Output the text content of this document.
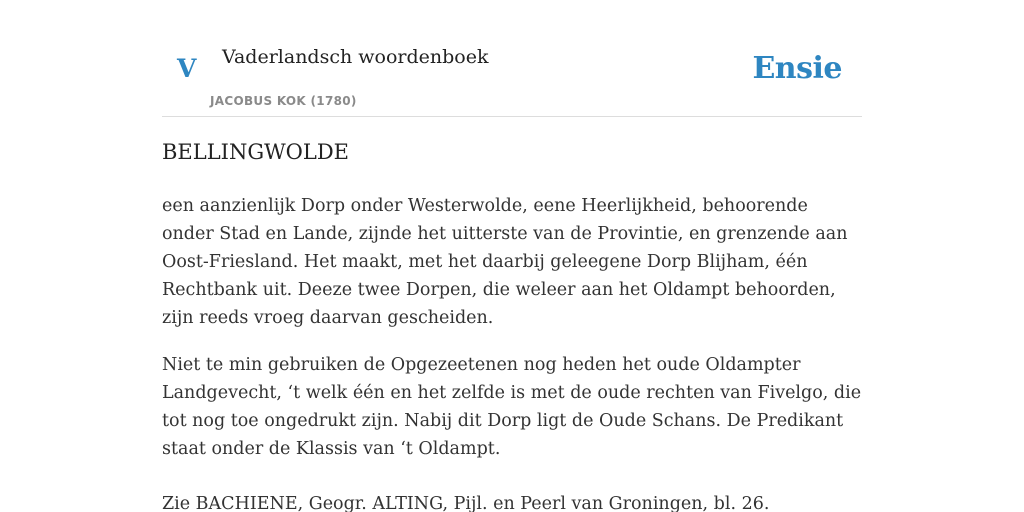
V Vaderlandsch woordenboek
JACOBUS KOK (1780)
Ensie
BELLINGWOLDE

een aanzienlijk Dorp onder Westerwolde, eene Heerlijkheid, behoorende onder Stad en Lande, zijnde het uitterste van de Provintie, en grenzende aan Oost-Friesland. Het maakt, met het daarbij geleegene Dorp Blijham, één Rechtbank uit. Deeze twee Dorpen, die weleer aan het Oldampt behoorden, zijn reeds vroeg daarvan gescheiden.

Niet te min gebruiken de Opgezeetenen nog heden het oude Oldampter Landgevecht, ‘t welk één en het zelfde is met de oude rechten van Fivelgo, die tot nog toe ongedrukt zijn. Nabij dit Dorp ligt de Oude Schans. De Predikant staat onder de Klassis van ‘t Oldampt.

Zie BACHIENE, Geogr. ALTING, Pijl. en Peerl van Groningen, bl. 26.
